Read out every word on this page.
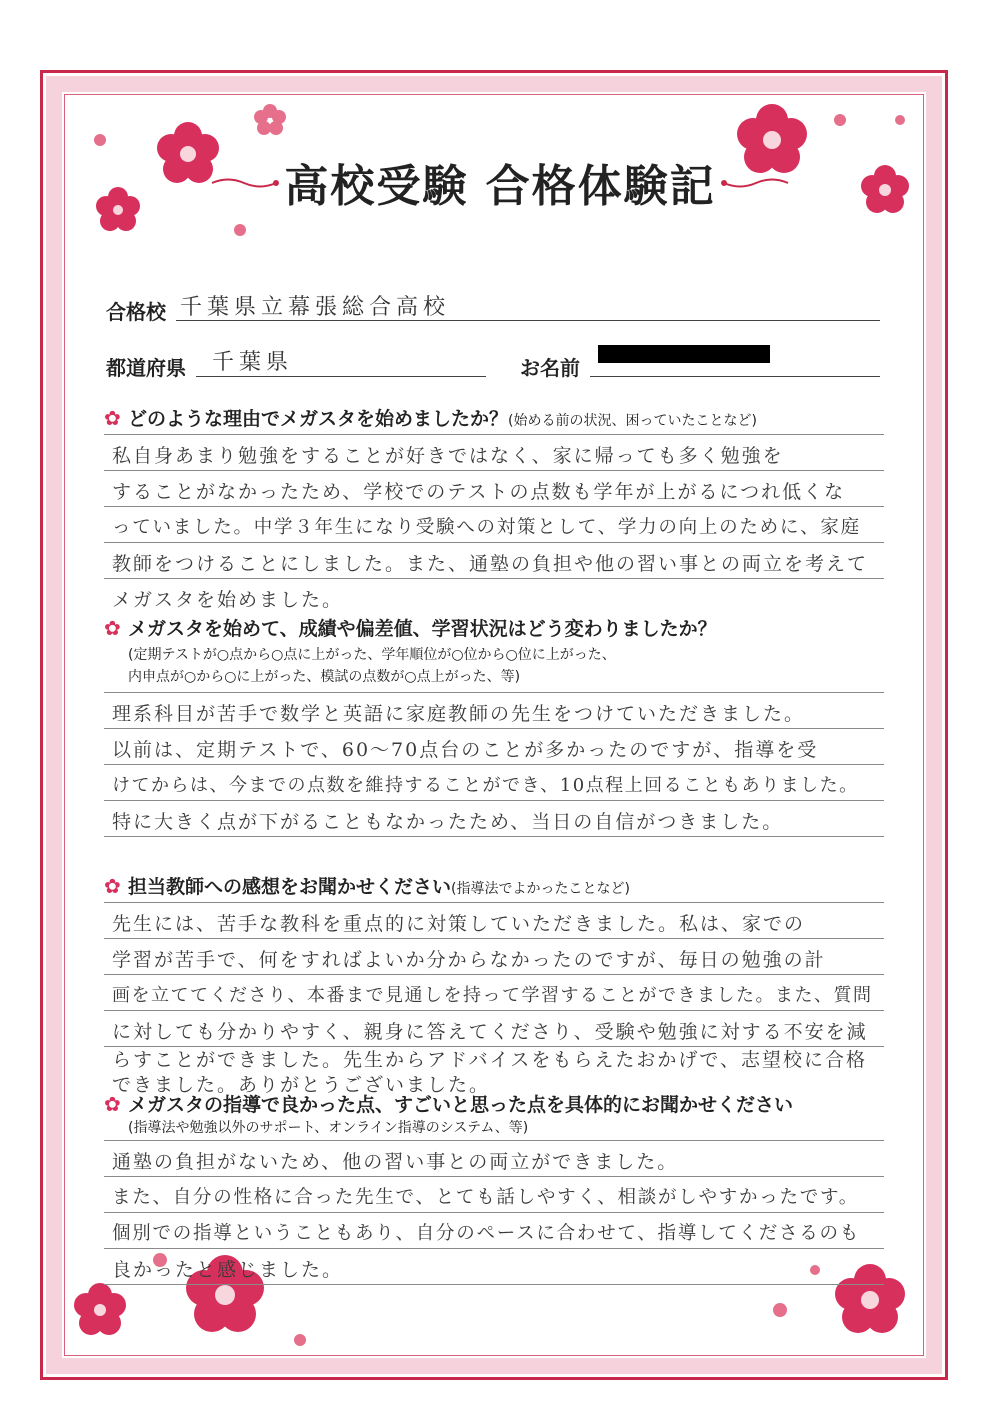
高校受験 合格体験記
合格校 千葉県立幕張総合高校
都道府県 千葉県	お名前
✿ どのような理由でメガスタを始めましたか？(始める前の状況、困っていたことなど)
私自身あまり勉強をすることが好きではなく、家に帰っても多く勉強を
することがなかったため、学校でのテストの点数も学年が上がるにつれ低くな
っていました。中学３年生になり受験への対策として、学力の向上のために、家庭
教師をつけることにしました。また、通塾の負担や他の習い事との両立を考えて
メガスタを始めました。
✿ メガスタを始めて、成績や偏差値、学習状況はどう変わりましたか？
(定期テストが○点から○点に上がった、学年順位が○位から○位に上がった、
内申点が○から○に上がった、模試の点数が○点上がった、等)
理系科目が苦手で数学と英語に家庭教師の先生をつけていただきました。
以前は、定期テストで、60〜70点台のことが多かったのですが、指導を受
けてからは、今までの点数を維持することができ、10点程上回ることもありました。
特に大きく点が下がることもなかったため、当日の自信がつきました。
✿ 担当教師への感想をお聞かせください(指導法でよかったことなど)
先生には、苦手な教科を重点的に対策していただきました。私は、家での
学習が苦手で、何をすればよいか分からなかったのですが、毎日の勉強の計
画を立ててくださり、本番まで見通しを持って学習することができました。また、質問
に対しても分かりやすく、親身に答えてくださり、受験や勉強に対する不安を減
らすことができました。先生からアドバイスをもらえたおかげで、志望校に合格
できました。ありがとうございました。
✿ メガスタの指導で良かった点、すごいと思った点を具体的にお聞かせください
(指導法や勉強以外のサポート、オンライン指導のシステム、等)
通塾の負担がないため、他の習い事との両立ができました。
また、自分の性格に合った先生で、とても話しやすく、相談がしやすかったです。
個別での指導ということもあり、自分のペースに合わせて、指導してくださるのも
良かったと感じました。
